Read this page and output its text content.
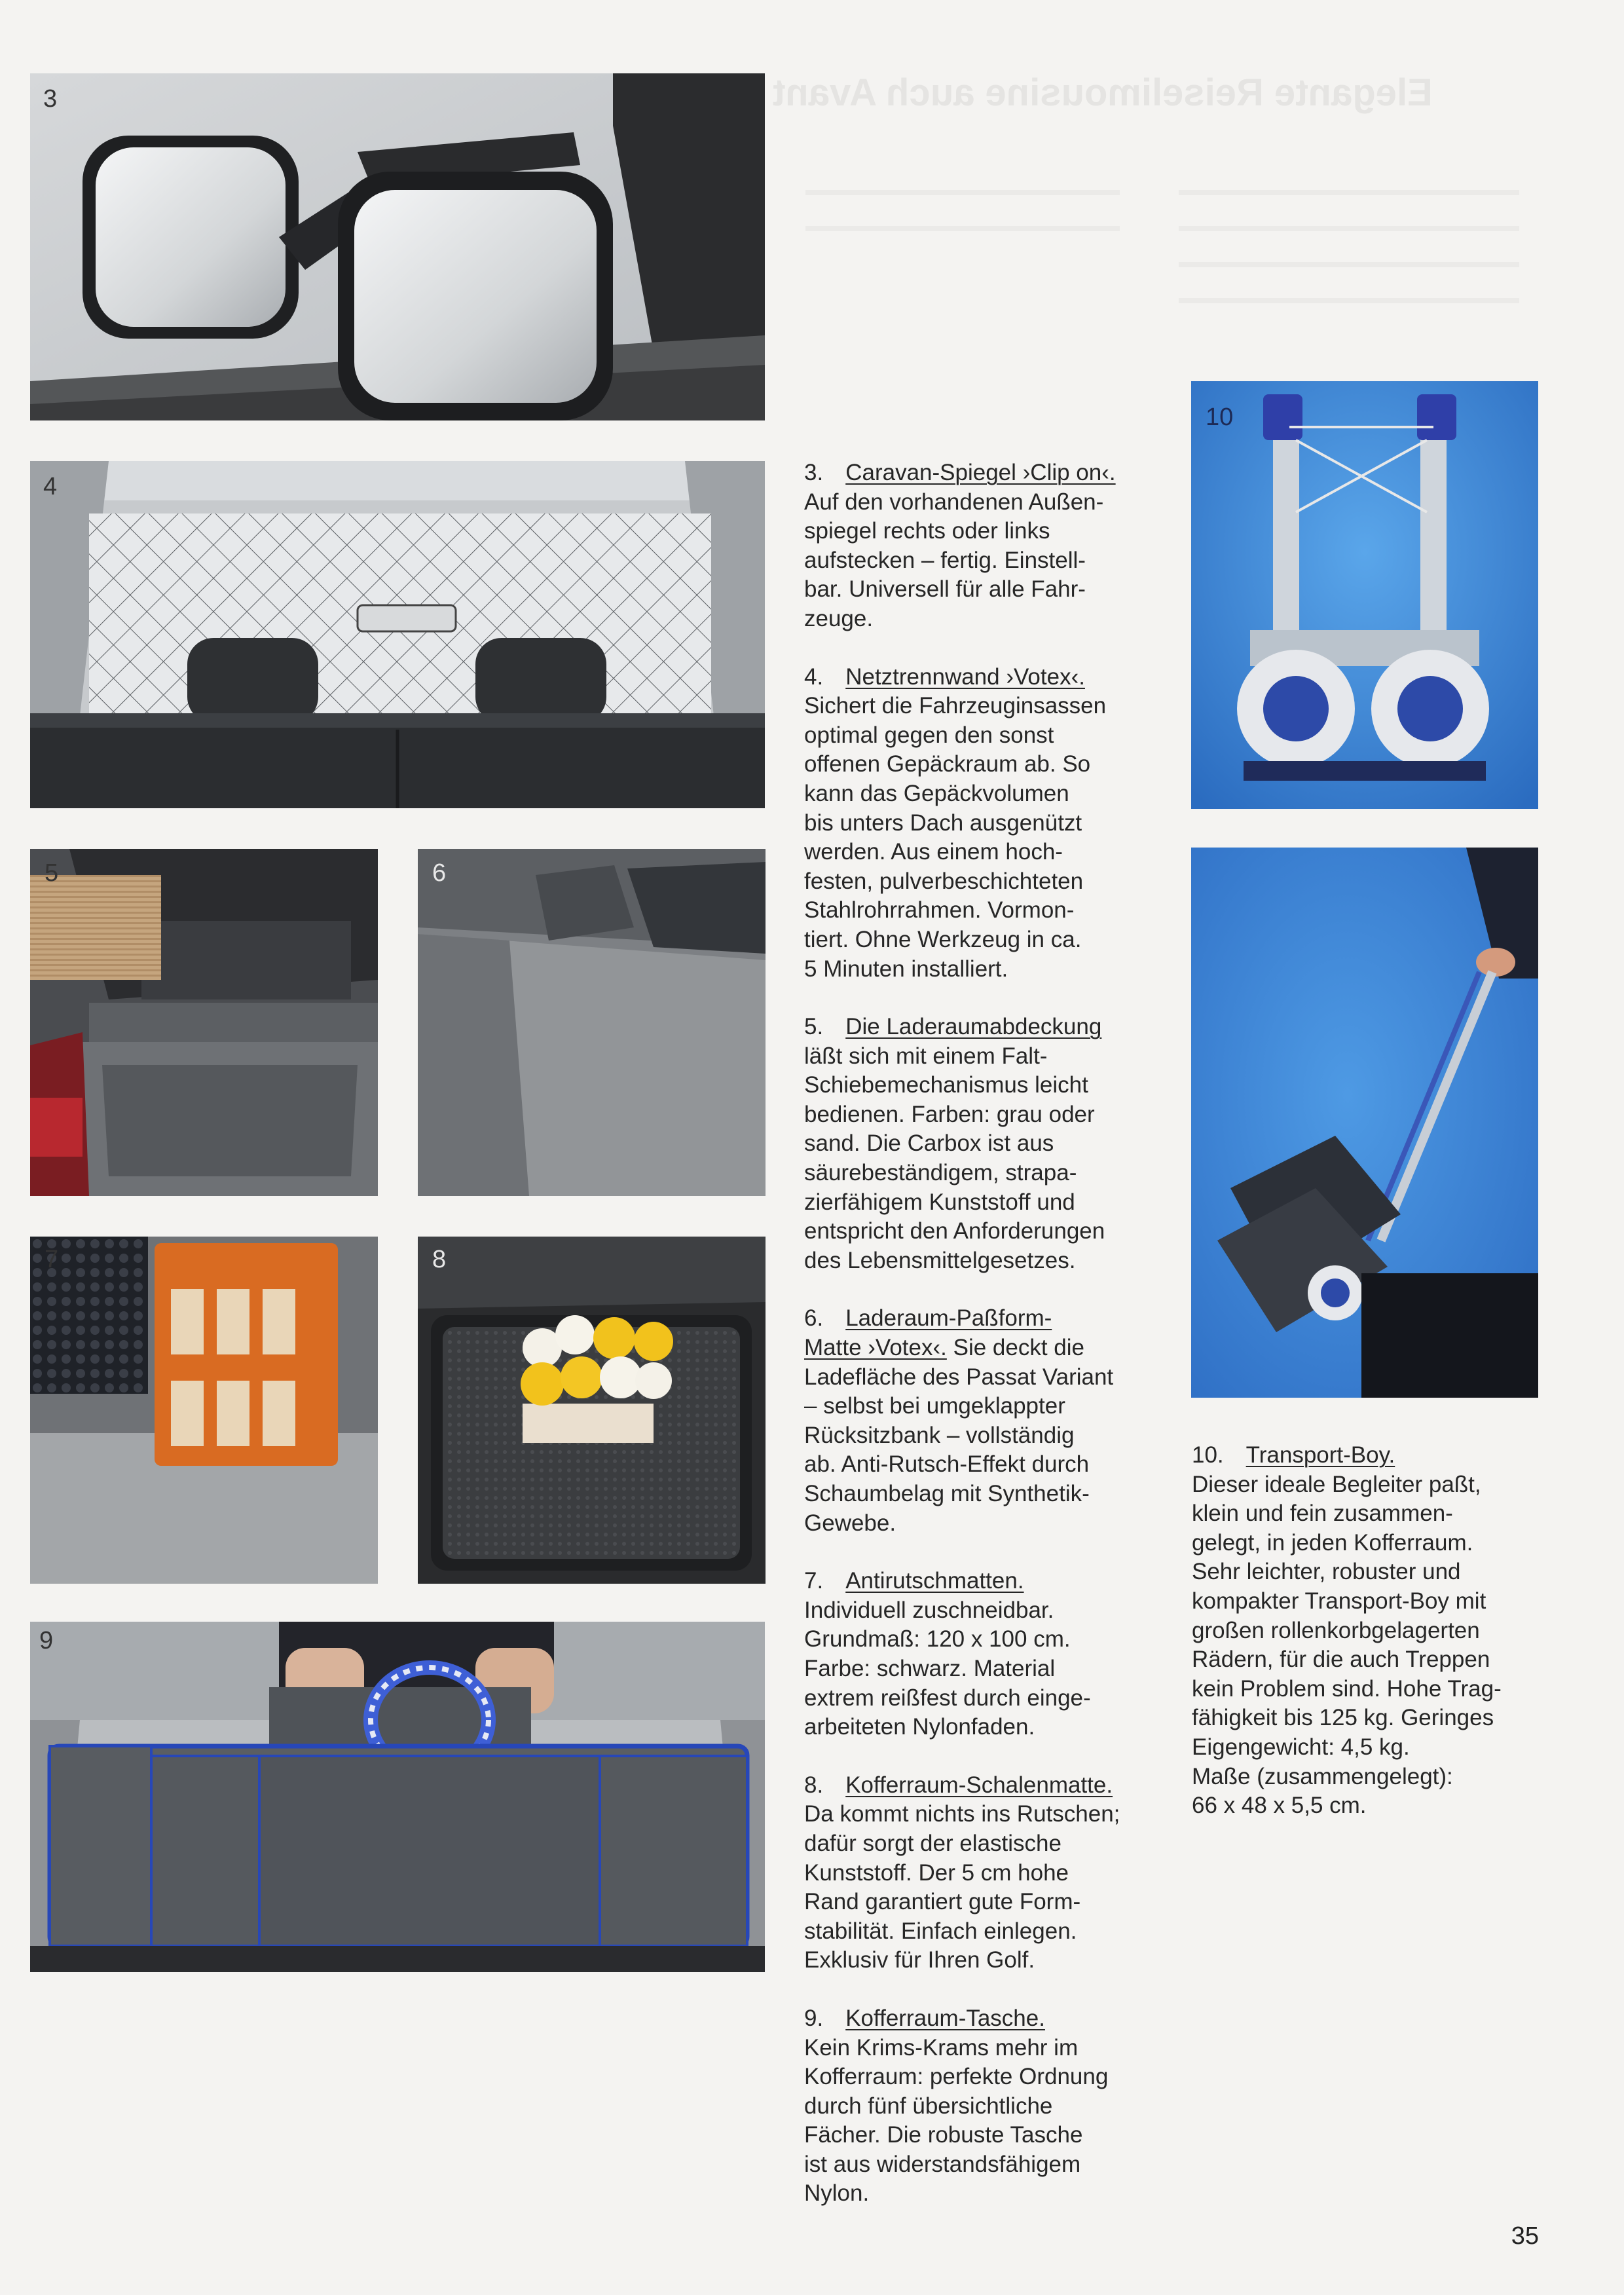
Elegante Reiselimousine auch Avant
3
4
5	6
7	8
9
10
3. Caravan-Spiegel ›Clip on‹.
Auf den vorhandenen Außen-
spiegel rechts oder links
aufstecken – fertig. Einstell-
bar. Universell für alle Fahr-
zeuge.
4. Netztrennwand ›Votex‹.
Sichert die Fahrzeuginsassen
optimal gegen den sonst
offenen Gepäckraum ab. So
kann das Gepäckvolumen
bis unters Dach ausgenützt
werden. Aus einem hoch-
festen, pulverbeschichteten
Stahlrohrrahmen. Vormon-
tiert. Ohne Werkzeug in ca.
5 Minuten installiert.
5. Die Laderaumabdeckung
läßt sich mit einem Falt-
Schiebemechanismus leicht
bedienen. Farben: grau oder
sand. Die Carbox ist aus
säurebeständigem, strapa-
zierfähigem Kunststoff und
entspricht den Anforderungen
des Lebensmittelgesetzes.
6. Laderaum-Paßform-
Matte ›Votex‹. Sie deckt die
Ladefläche des Passat Variant
– selbst bei umgeklappter
Rücksitzbank – vollständig
ab. Anti-Rutsch-Effekt durch
Schaumbelag mit Synthetik-
Gewebe.
7. Antirutschmatten.
Individuell zuschneidbar.
Grundmaß: 120 x 100 cm.
Farbe: schwarz. Material
extrem reißfest durch einge-
arbeiteten Nylonfaden.
8. Kofferraum-Schalenmatte.
Da kommt nichts ins Rutschen;
dafür sorgt der elastische
Kunststoff. Der 5 cm hohe
Rand garantiert gute Form-
stabilität. Einfach einlegen.
Exklusiv für Ihren Golf.
9. Kofferraum-Tasche.
Kein Krims-Krams mehr im
Kofferraum: perfekte Ordnung
durch fünf übersichtliche
Fächer. Die robuste Tasche
ist aus widerstandsfähigem
Nylon.
10. Transport-Boy.
Dieser ideale Begleiter paßt,
klein und fein zusammen-
gelegt, in jeden Kofferraum.
Sehr leichter, robuster und
kompakter Transport-Boy mit
großen rollenkorbgelagerten
Rädern, für die auch Treppen
kein Problem sind. Hohe Trag-
fähigkeit bis 125 kg. Geringes
Eigengewicht: 4,5 kg.
Maße (zusammengelegt):
66 x 48 x 5,5 cm.
35
